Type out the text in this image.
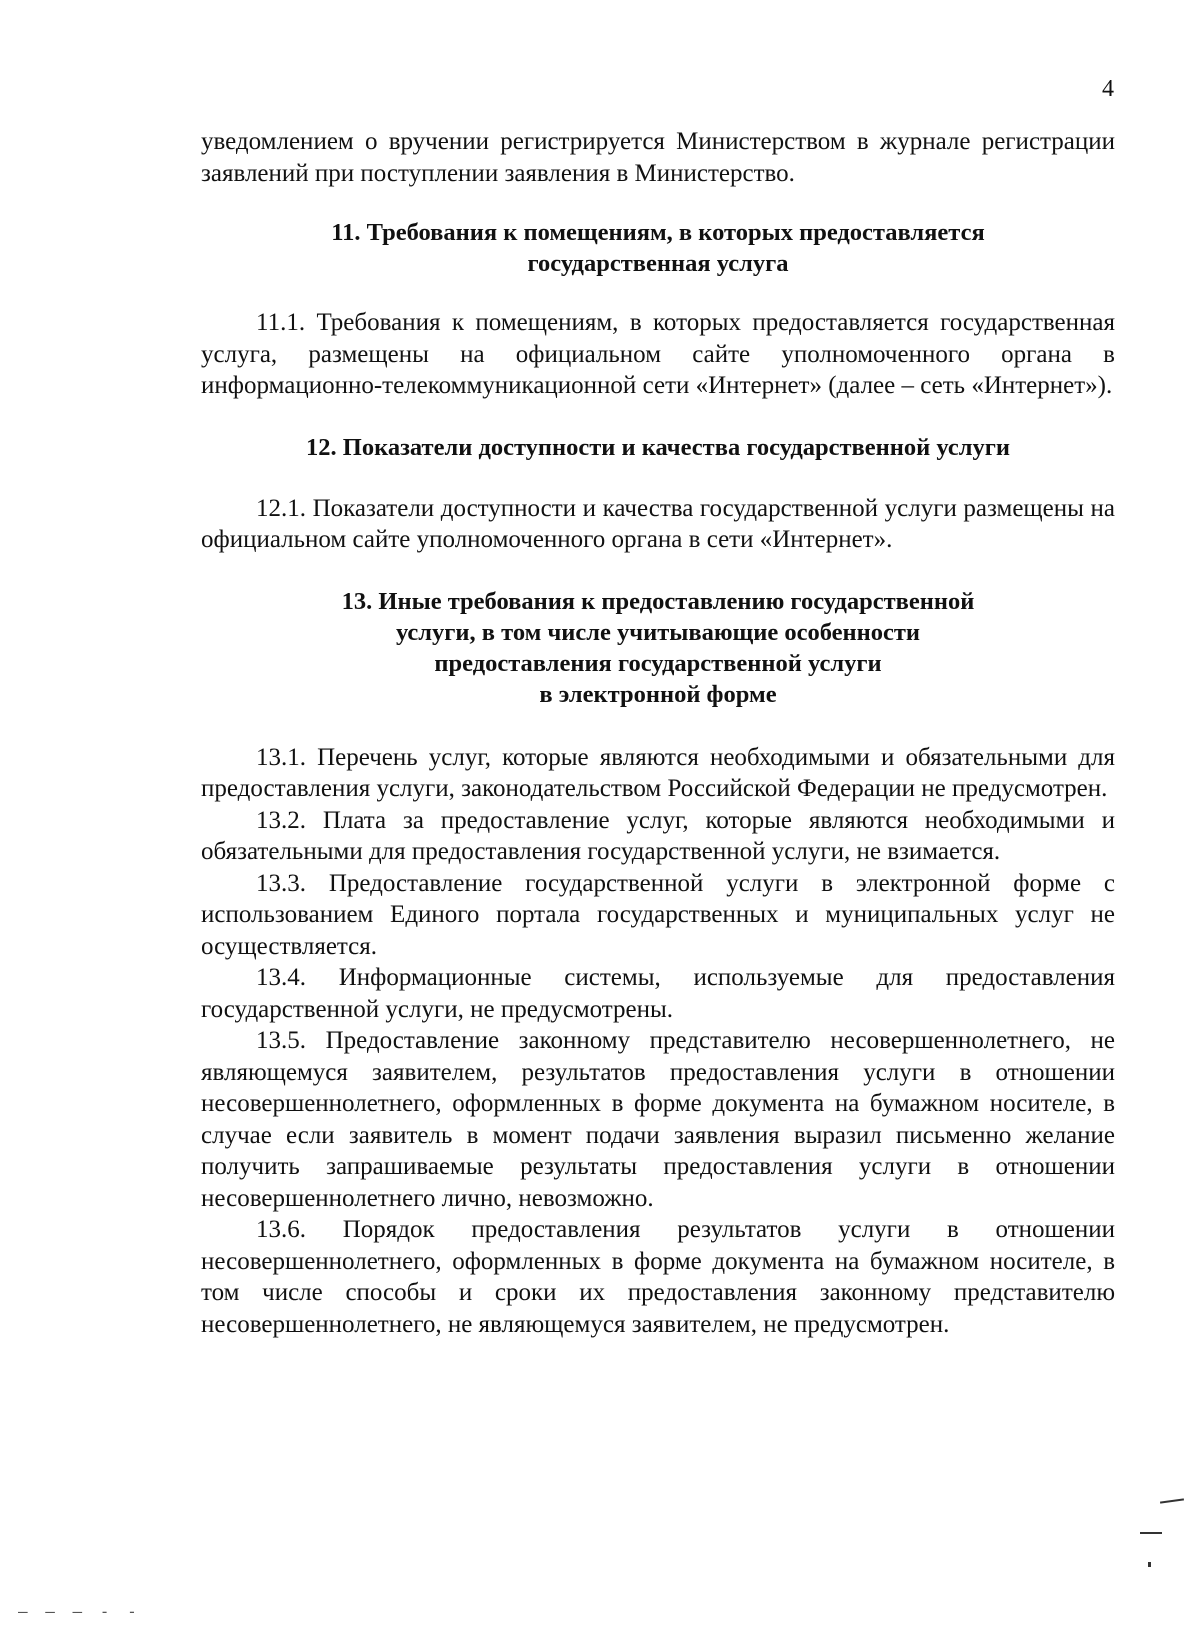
4

уведомлением о вручении регистрируется Министерством в журнале регистрации заявлений при поступлении заявления в Министерство.

11. Требования к помещениям, в которых предоставляется
государственная услуга

11.1. Требования к помещениям, в которых предоставляется государственная услуга, размещены на официальном сайте уполномоченного органа в информационно-телекоммуникационной сети «Интернет» (далее – сеть «Интернет»).

12. Показатели доступности и качества государственной услуги

12.1. Показатели доступности и качества государственной услуги размещены на официальном сайте уполномоченного органа в сети «Интернет».

13. Иные требования к предоставлению государственной
услуги, в том числе учитывающие особенности
предоставления государственной услуги
в электронной форме

13.1. Перечень услуг, которые являются необходимыми и обязательными для предоставления услуги, законодательством Российской Федерации не предусмотрен.

13.2. Плата за предоставление услуг, которые являются необходимыми и обязательными для предоставления государственной услуги, не взимается.

13.3. Предоставление государственной услуги в электронной форме с использованием Единого портала государственных и муниципальных услуг не осуществляется.

13.4. Информационные системы, используемые для предоставления государственной услуги, не предусмотрены.

13.5. Предоставление законному представителю несовершеннолетнего, не являющемуся заявителем, результатов предоставления услуги в отношении несовершеннолетнего, оформленных в форме документа на бумажном носителе, в случае если заявитель в момент подачи заявления выразил письменно желание получить запрашиваемые результаты предоставления услуги в отношении несовершеннолетнего лично, невозможно.

13.6. Порядок предоставления результатов услуги в отношении несовершеннолетнего, оформленных в форме документа на бумажном носителе, в том числе способы и сроки их предоставления законному представителю несовершеннолетнего, не являющемуся заявителем, не предусмотрен.

— — — - -
